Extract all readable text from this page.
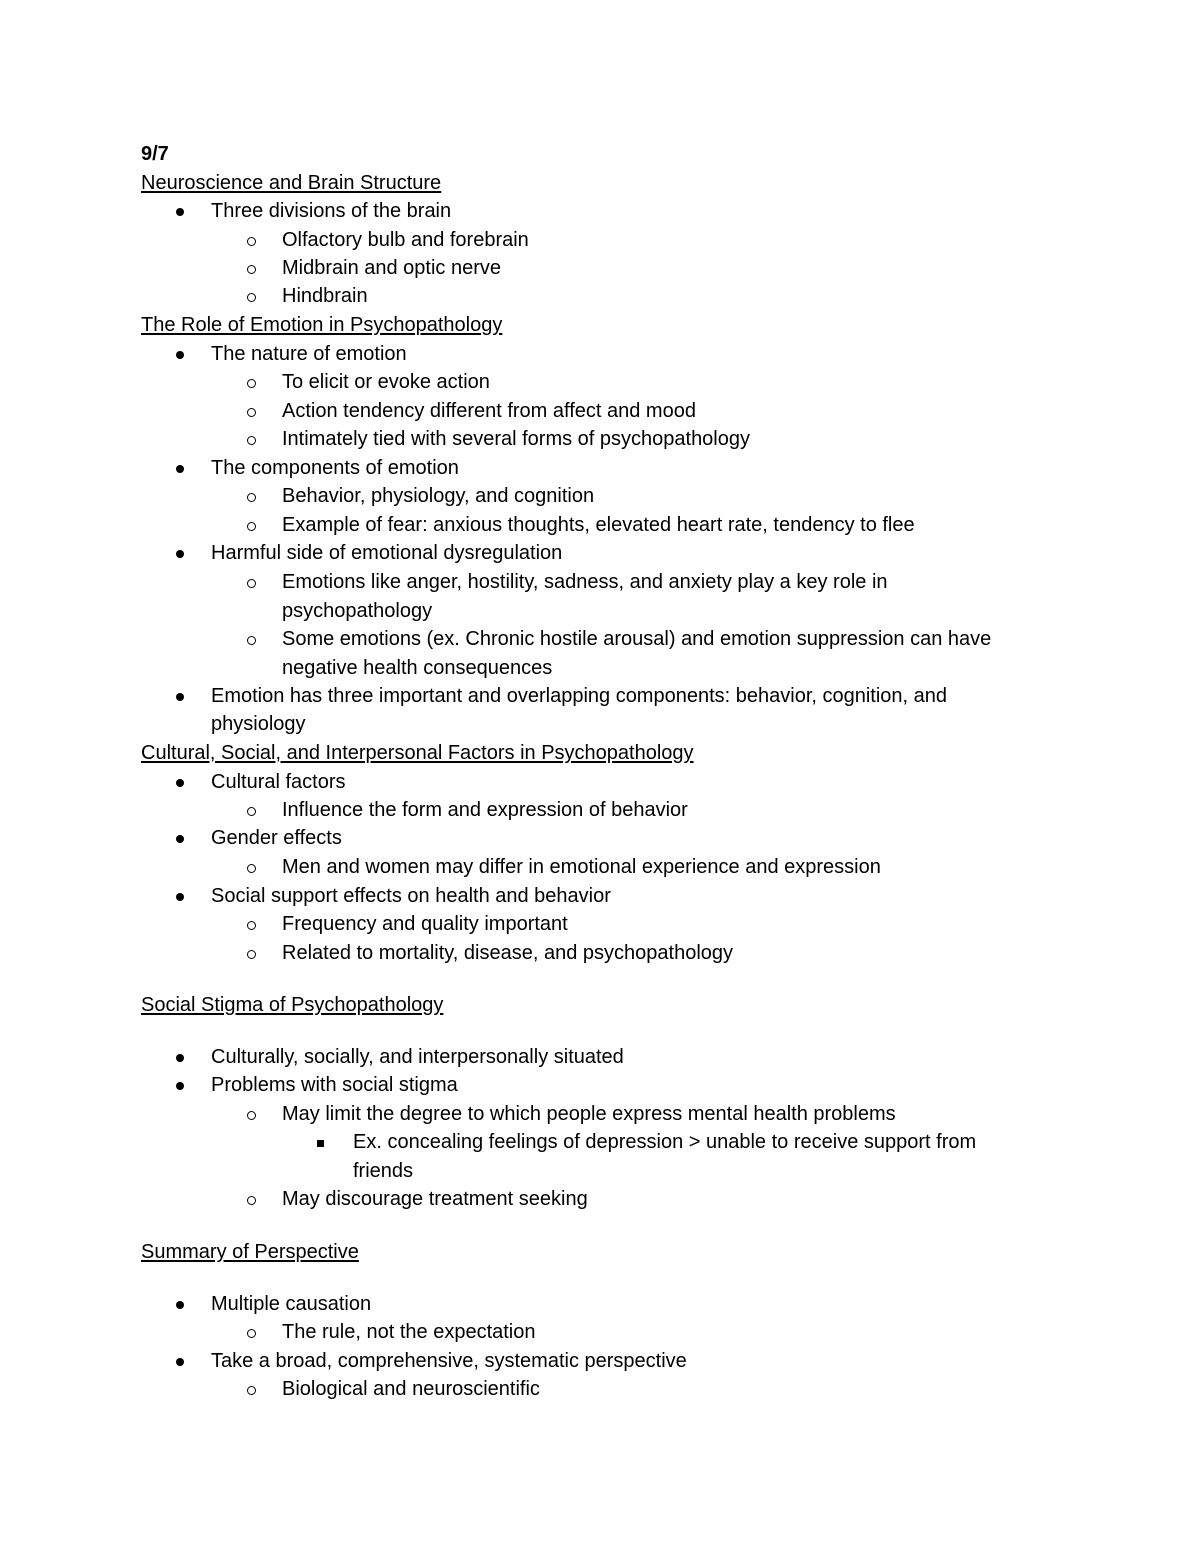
9/7
Neuroscience and Brain Structure
Three divisions of the brain
Olfactory bulb and forebrain
Midbrain and optic nerve
Hindbrain
The Role of Emotion in Psychopathology
The nature of emotion
To elicit or evoke action
Action tendency different from affect and mood
Intimately tied with several forms of psychopathology
The components of emotion
Behavior, physiology, and cognition
Example of fear: anxious thoughts, elevated heart rate, tendency to flee
Harmful side of emotional dysregulation
Emotions like anger, hostility, sadness, and anxiety play a key role in
psychopathology
Some emotions (ex. Chronic hostile arousal) and emotion suppression can have
negative health consequences
Emotion has three important and overlapping components: behavior, cognition, and
physiology
Cultural, Social, and Interpersonal Factors in Psychopathology
Cultural factors
Influence the form and expression of behavior
Gender effects
Men and women may differ in emotional experience and expression
Social support effects on health and behavior
Frequency and quality important
Related to mortality, disease, and psychopathology
Social Stigma of Psychopathology
Culturally, socially, and interpersonally situated
Problems with social stigma
May limit the degree to which people express mental health problems
Ex. concealing feelings of depression > unable to receive support from
friends
May discourage treatment seeking
Summary of Perspective
Multiple causation
The rule, not the expectation
Take a broad, comprehensive, systematic perspective
Biological and neuroscientific
